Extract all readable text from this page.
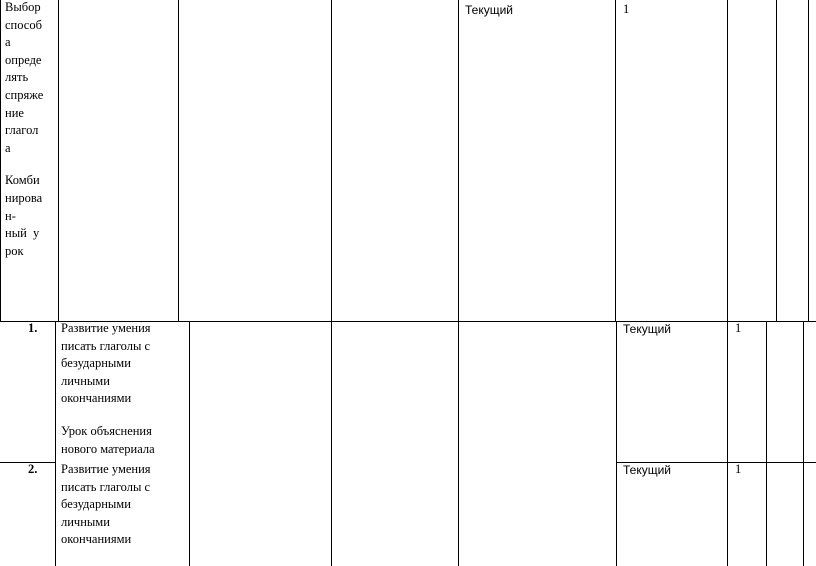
Выбор
способ
а
опреде
лять
спряже
ние
глагол
а
Комби
нирова
н-
ный  у
рок
Текущий	1
1. Развитие умения
писать глаголы с
безударными
личными
окончаниями
Урок объяснения
нового материала
Текущий	1
2. Развитие умения
писать глаголы с
безударными
личными
окончаниями
Текущий	1
